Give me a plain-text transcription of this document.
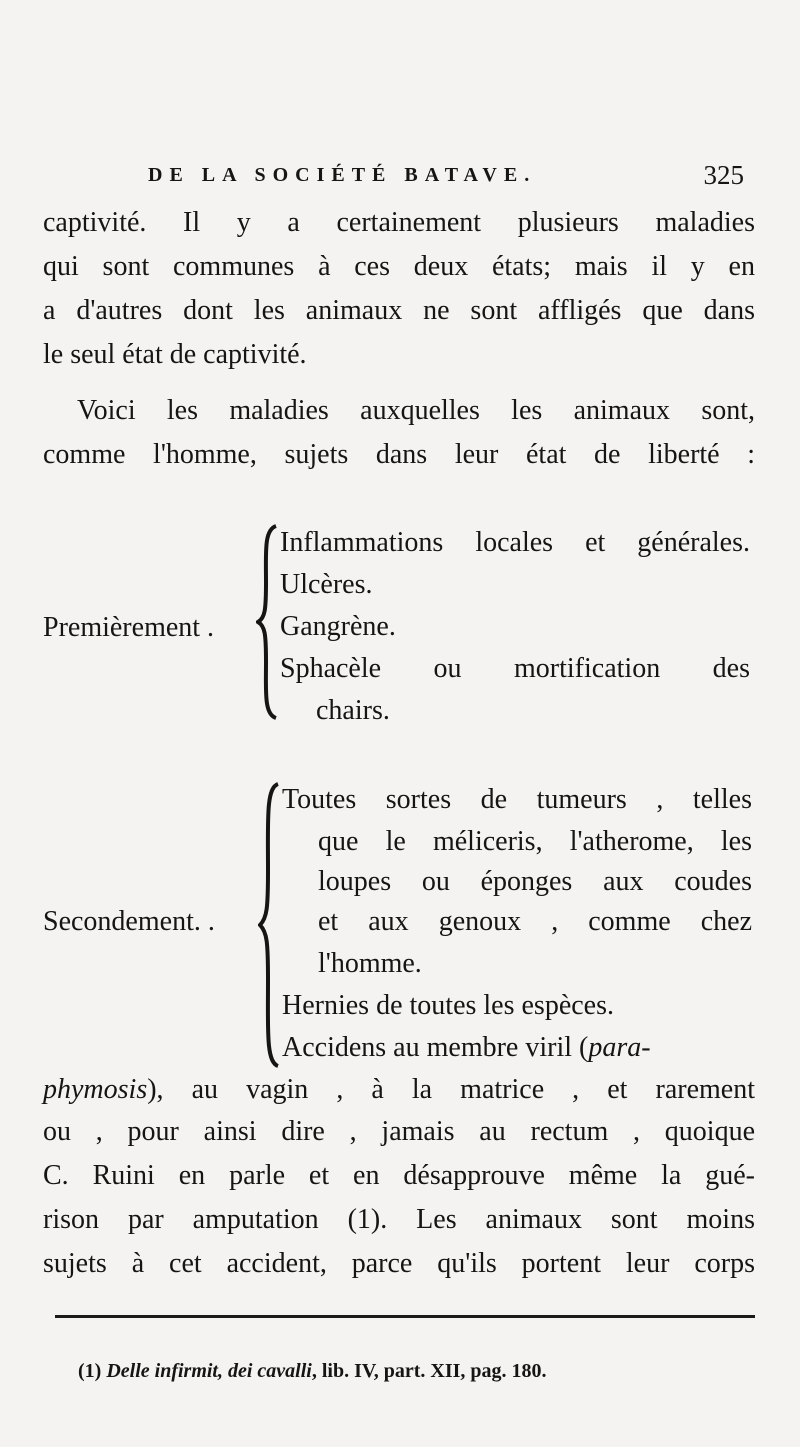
DE LA SOCIÉTÉ BATAVE.	325
captivité. Il y a certainement plusieurs maladies
qui sont communes à ces deux états; mais il y en
a d'autres dont les animaux ne sont affligés que dans
le seul état de captivité.
Voici les maladies auxquelles les animaux sont,
comme l'homme, sujets dans leur état de liberté :
Premièrement .
Inflammations locales et générales.
Ulcères.
Gangrène.
Sphacèle ou mortification des
chairs.
Secondement. .
Toutes sortes de tumeurs , telles
que le méliceris, l'atherome, les
loupes ou éponges aux coudes
et aux genoux , comme chez
l'homme.
Hernies de toutes les espèces.
Accidens au membre viril (para-
phymosis), au vagin , à la matrice , et rarement
ou , pour ainsi dire , jamais au rectum , quoique
C. Ruini en parle et en désapprouve même la gué-
rison par amputation (1). Les animaux sont moins
sujets à cet accident, parce qu'ils portent leur corps
(1) Delle infirmit, dei cavalli, lib. IV, part. XII, pag. 180.
